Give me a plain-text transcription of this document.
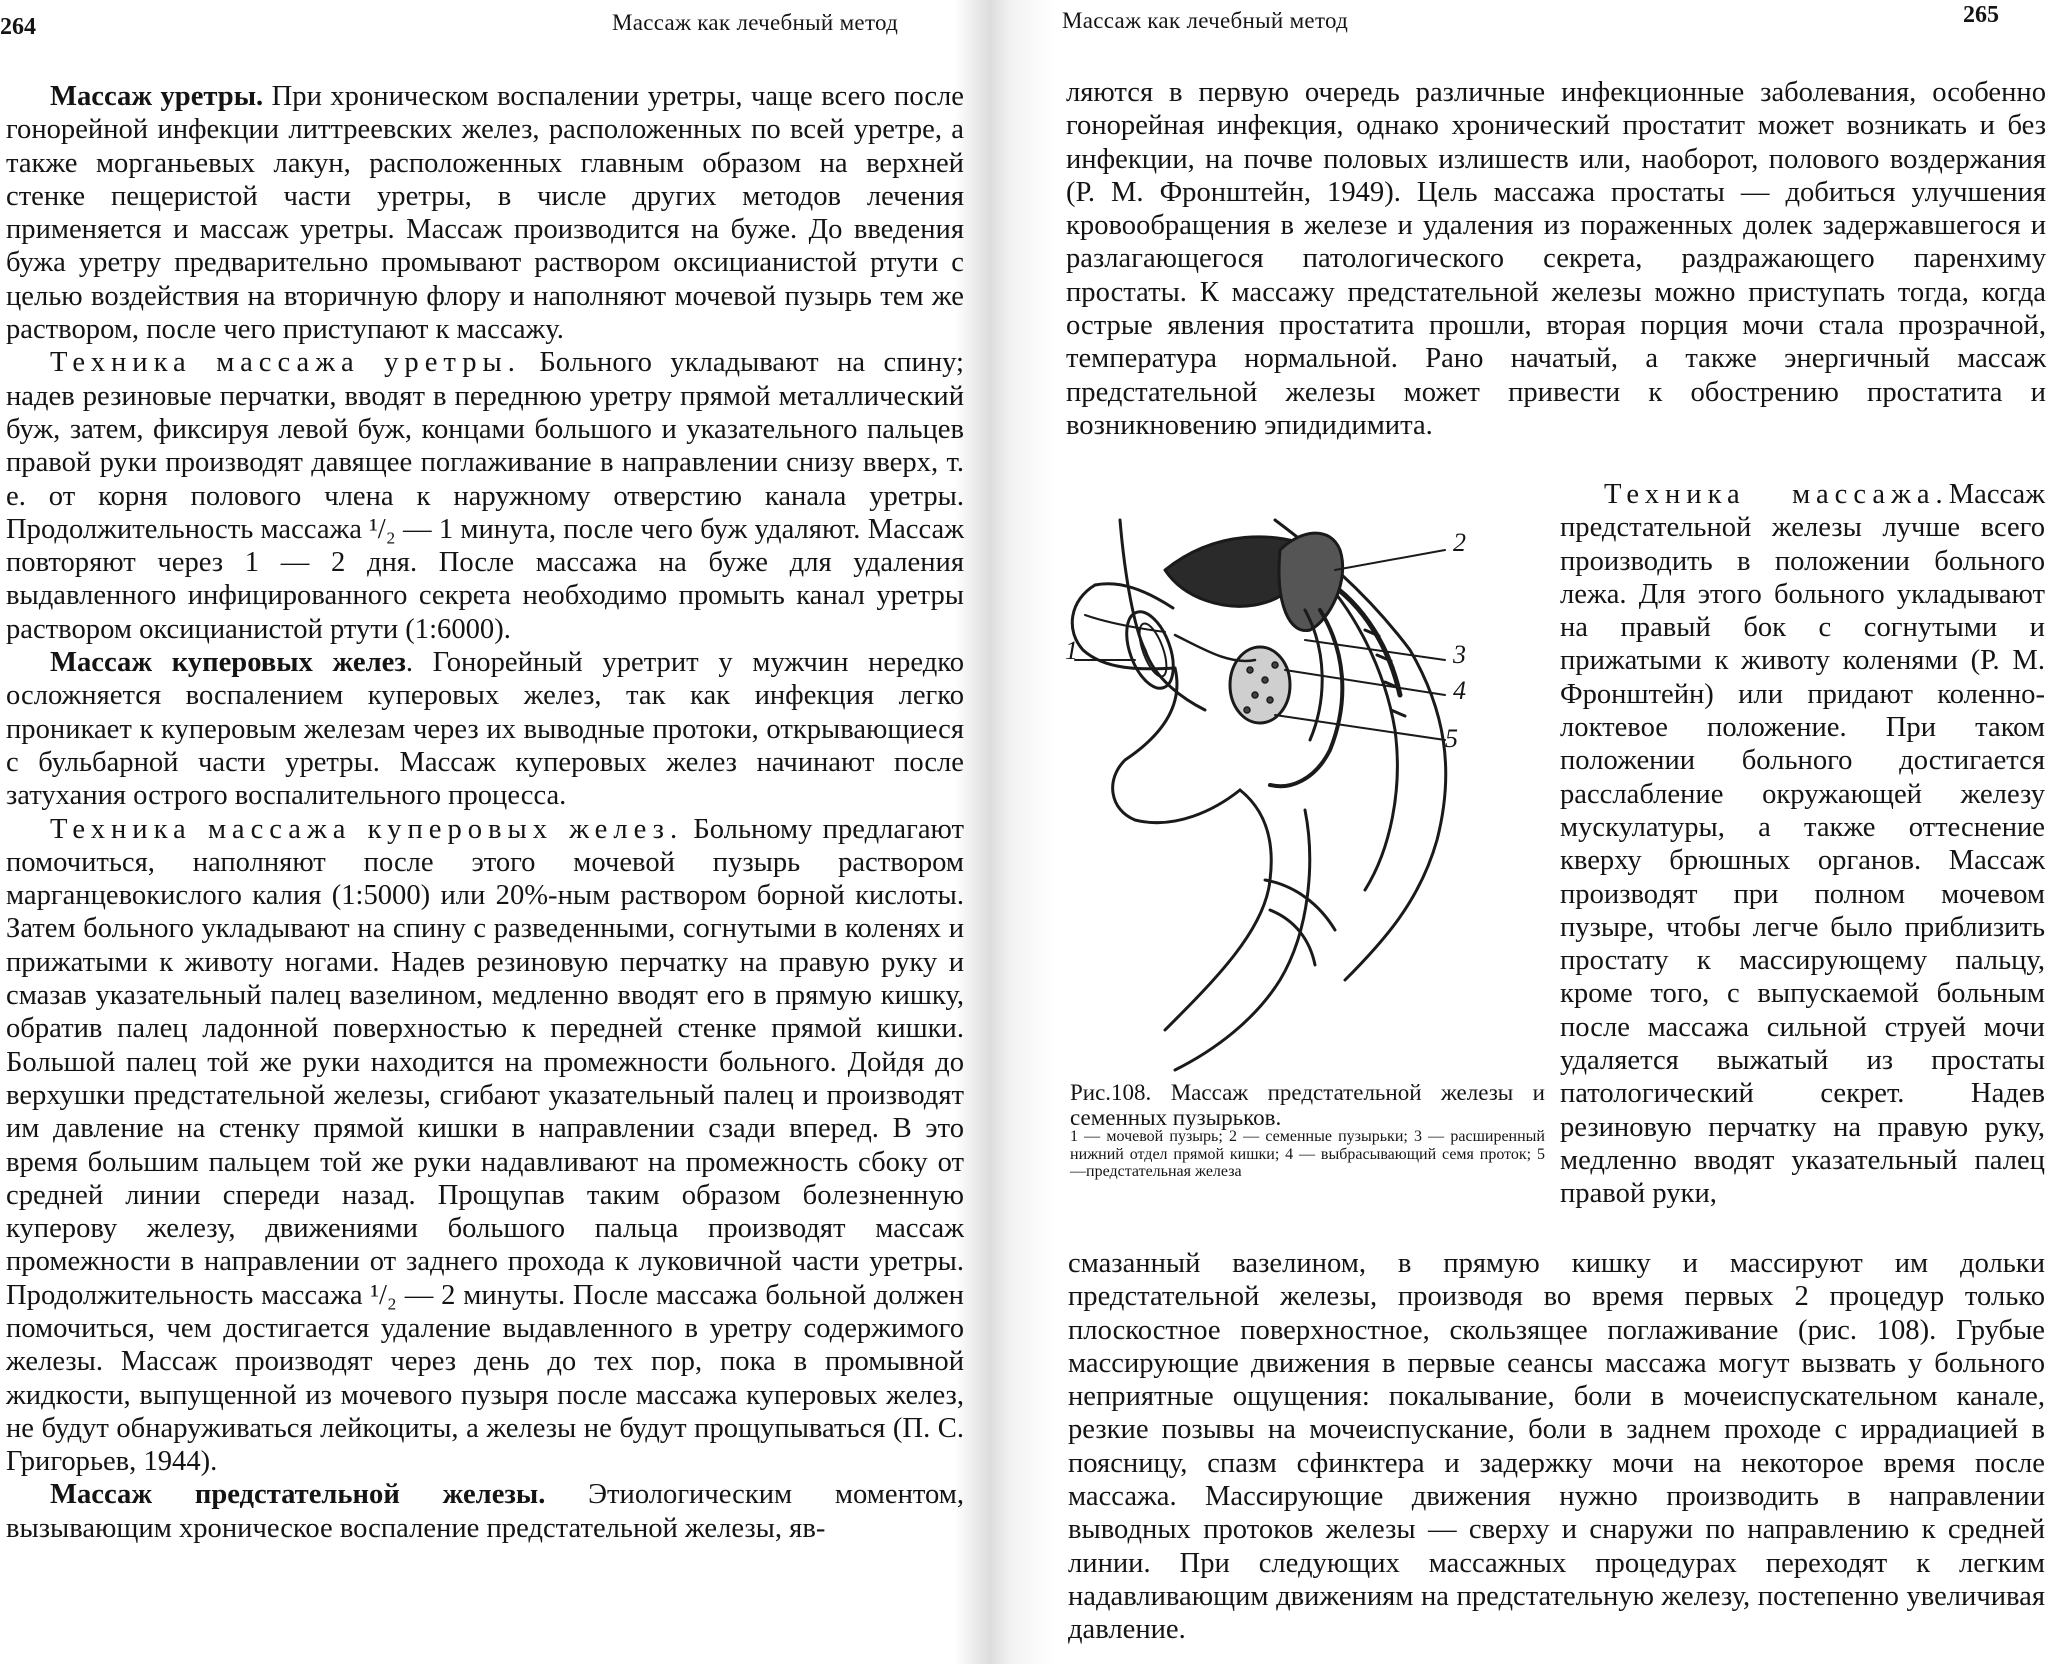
264	Массаж как лечебный метод

Массаж уретры. При хроническом воспалении уретры, чаще всего после гонорейной инфекции литтреевских желез, расположенных по всей уретре, а также морганьевых лакун, расположенных главным образом на верхней стенке пещеристой части уретры, в числе других методов лечения применяется и массаж уретры. Массаж производится на буже. До введения бужа уретру предварительно промывают раствором оксицианистой ртути с целью воздействия на вторичную флору и наполняют мочевой пузырь тем же раствором, после чего приступают к массажу.

Техника массажа уретры. Больного укладывают на спину; надев резиновые перчатки, вводят в переднюю уретру прямой металлический буж, затем, фиксируя левой буж, концами большого и указательного пальцев правой руки производят давящее поглаживание в направлении снизу вверх, т. е. от корня полового члена к наружному отверстию канала уретры. Продолжительность массажа ¹/₂ — 1 минута, после чего буж удаляют. Массаж повторяют через 1 — 2 дня. После массажа на буже для удаления выдавленного инфицированного секрета необходимо промыть канал уретры раствором оксицианистой ртути (1:6000).

Массаж куперовых желез. Гонорейный уретрит у мужчин нередко осложняется воспалением куперовых желез, так как инфекция легко проникает к куперовым железам через их выводные протоки, открывающиеся с бульбарной части уретры. Массаж куперовых желез начинают после затухания острого воспалительного процесса.

Техника массажа куперовых желез. Больному предлагают помочиться, наполняют после этого мочевой пузырь раствором марганцевокислого калия (1:5000) или 20%-ным раствором борной кислоты. Затем больного укладывают на спину с разведенными, согнутыми в коленях и прижатыми к животу ногами. Надев резиновую перчатку на правую руку и смазав указательный палец вазелином, медленно вводят его в прямую кишку, обратив палец ладонной поверхностью к передней стенке прямой кишки. Большой палец той же руки находится на промежности больного. Дойдя до верхушки предстательной железы, сгибают указательный палец и производят им давление на стенку прямой кишки в направлении сзади вперед. В это время большим пальцем той же руки надавливают на промежность сбоку от средней линии спереди назад. Прощупав таким образом болезненную куперову железу, движениями большого пальца производят массаж промежности в направлении от заднего прохода к луковичной части уретры. Продолжительность массажа ¹/₂ — 2 минуты. После массажа больной должен помочиться, чем достигается удаление выдавленного в уретру содержимого железы. Массаж производят через день до тех пор, пока в промывной жидкости, выпущенной из мочевого пузыря после массажа куперовых желез, не будут обнаруживаться лейкоциты, а железы не будут прощупываться (П. С. Григорьев, 1944).

Массаж предстательной железы. Этиологическим моментом, вызывающим хроническое воспаление предстательной железы, яв-

Массаж как лечебный метод	265

ляются в первую очередь различные инфекционные заболевания, особенно гонорейная инфекция, однако хронический простатит может возникать и без инфекции, на почве половых излишеств или, наоборот, полового воздержания (Р. М. Фронштейн, 1949). Цель массажа простаты — добиться улучшения кровообращения в железе и удаления из пораженных долек задержавшегося и разлагающегося патологического секрета, раздражающего паренхиму простаты. К массажу предстательной железы можно приступать тогда, когда острые явления простатита прошли, вторая порция мочи стала прозрачной, температура нормальной. Рано начатый, а также энергичный массаж предстательной железы может привести к обострению простатита и возникновению эпидидимита.

1
2
3
4
5
Рис.108. Массаж предстательной железы и семенных пузырьков.
1 — мочевой пузырь; 2 — семенные пузырьки; 3 — расширенный нижний отдел прямой кишки; 4 — выбрасывающий семя проток; 5 —предстательная железа

Техника массажа.Массаж предстательной железы лучше всего производить в положении больного лежа. Для этого больного укладывают на правый бок с согнутыми и прижатыми к животу коленями (Р. М. Фронштейн) или придают коленно-локтевое положение. При таком положении больного достигается расслабление окружающей железу мускулатуры, а также оттеснение кверху брюшных органов. Массаж производят при полном мочевом пузыре, чтобы легче было приблизить простату к массирующему пальцу, кроме того, с выпускаемой больным после массажа сильной струей мочи удаляется выжатый из простаты патологический секрет. Надев резиновую перчатку на правую руку, медленно вводят указательный палец правой руки,

смазанный вазелином, в прямую кишку и массируют им дольки предстательной железы, производя во время первых 2 процедур только плоскостное поверхностное, скользящее поглаживание (рис. 108). Грубые массирующие движения в первые сеансы массажа могут вызвать у больного неприятные ощущения: покалывание, боли в мочеиспускательном канале, резкие позывы на мочеиспускание, боли в заднем проходе с иррадиацией в поясницу, спазм сфинктера и задержку мочи на некоторое время после массажа. Массирующие движения нужно производить в направлении выводных протоков железы — сверху и снаружи по направлению к средней линии. При следующих массажных процедурах переходят к легким надавливающим движениям на предстательную железу, постепенно увеличивая давление.
